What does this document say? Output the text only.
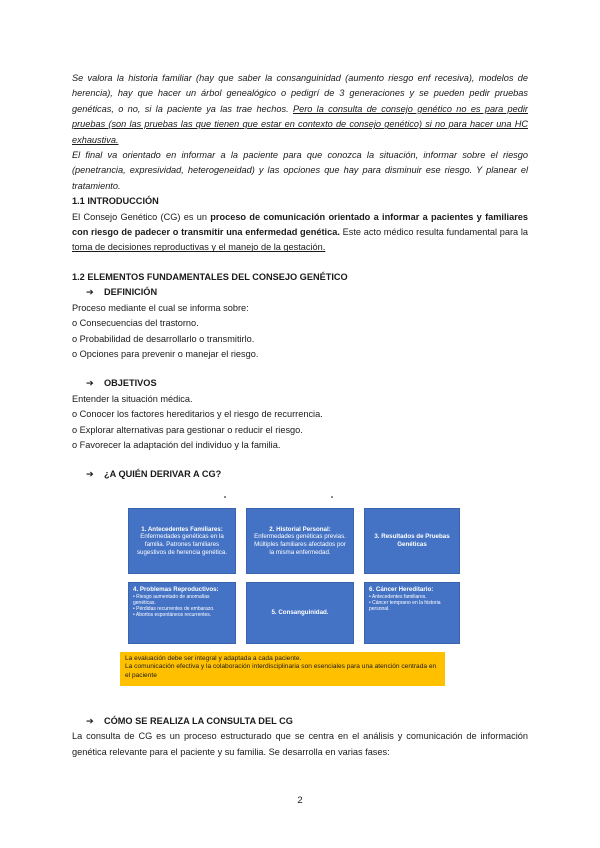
Se valora la historia familiar (hay que saber la consanguinidad (aumento riesgo enf recesiva), modelos de herencia), hay que hacer un árbol genealógico o pedigrí de 3 generaciones y se pueden pedir pruebas genéticas, o no, si la paciente ya las trae hechos. Pero la consulta de consejo genético no es para pedir pruebas (son las pruebas las que tienen que estar en contexto de consejo genético) si no para hacer una HC exhaustiva.

El final va orientado en informar a la paciente para que conozca la situación, informar sobre el riesgo (penetrancia, expresividad, heterogeneidad) y las opciones que hay para disminuir ese riesgo. Y planear el tratamiento.

1.1 INTRODUCCIÓN

El Consejo Genético (CG) es un proceso de comunicación orientado a informar a pacientes y familiares con riesgo de padecer o transmitir una enfermedad genética. Este acto médico resulta fundamental para la toma de decisiones reproductivas y el manejo de la gestación.

1.2 ELEMENTOS FUNDAMENTALES DEL CONSEJO GENÉTICO

➔ DEFINICIÓN

Proceso mediante el cual se informa sobre:

o Consecuencias del trastorno.

o Probabilidad de desarrollarlo o transmitirlo.

o Opciones para prevenir o manejar el riesgo.

➔ OBJETIVOS

Entender la situación médica.

o Conocer los factores hereditarios y el riesgo de recurrencia.

o Explorar alternativas para gestionar o reducir el riesgo.

o Favorecer la adaptación del individuo y la familia.

➔ ¿A QUIÉN DERIVAR A CG?

1. Antecedentes Familiares:
Enfermedades genéticas en la familia. Patrones familiares sugestivos de herencia genética.
2. Historial Personal:
Enfermedades genéticas previas. Múltiples familiares afectados por la misma enfermedad.
3. Resultados de Pruebas Genéticas
4. Problemas Reproductivos:
• Riesgo aumentado de anomalías genéticas.
• Pérdidas recurrentes de embarazo.
• Abortos espontáneos recurrentes.	5. Consanguinidad.
6. Cáncer Hereditario:
• Antecedentes familiares.
• Cáncer temprano en la historia personal.
La evaluación debe ser integral y adaptada a cada paciente.
La comunicación efectiva y la colaboración interdisciplinaria son esenciales para una atención centrada en el paciente

➔ CÓMO SE REALIZA LA CONSULTA DEL CG

La consulta de CG es un proceso estructurado que se centra en el análisis y comunicación de información genética relevante para el paciente y su familia. Se desarrolla en varias fases:

2
